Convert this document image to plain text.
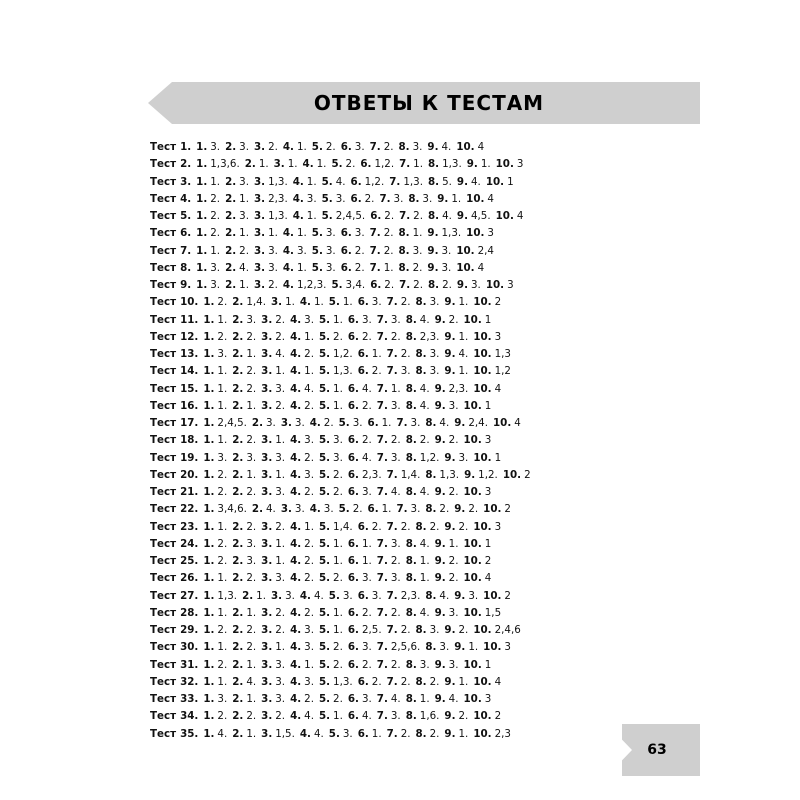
ОТВЕТЫ К ТЕСТАМ
Тест 1. 1. 3. 2. 3. 3. 2. 4. 1. 5. 2. 6. 3. 7. 2. 8. 3. 9. 4. 10. 4
Тест 2. 1. 1,3,6. 2. 1. 3. 1. 4. 1. 5. 2. 6. 1,2. 7. 1. 8. 1,3. 9. 1. 10. 3
Тест 3. 1. 1. 2. 3. 3. 1,3. 4. 1. 5. 4. 6. 1,2. 7. 1,3. 8. 5. 9. 4. 10. 1
Тест 4. 1. 2. 2. 1. 3. 2,3. 4. 3. 5. 3. 6. 2. 7. 3. 8. 3. 9. 1. 10. 4
Тест 5. 1. 2. 2. 3. 3. 1,3. 4. 1. 5. 2,4,5. 6. 2. 7. 2. 8. 4. 9. 4,5. 10. 4
Тест 6. 1. 2. 2. 1. 3. 1. 4. 1. 5. 3. 6. 3. 7. 2. 8. 1. 9. 1,3. 10. 3
Тест 7. 1. 1. 2. 2. 3. 3. 4. 3. 5. 3. 6. 2. 7. 2. 8. 3. 9. 3. 10. 2,4
Тест 8. 1. 3. 2. 4. 3. 3. 4. 1. 5. 3. 6. 2. 7. 1. 8. 2. 9. 3. 10. 4
Тест 9. 1. 3. 2. 1. 3. 2. 4. 1,2,3. 5. 3,4. 6. 2. 7. 2. 8. 2. 9. 3. 10. 3
Тест 10. 1. 2. 2. 1,4. 3. 1. 4. 1. 5. 1. 6. 3. 7. 2. 8. 3. 9. 1. 10. 2
Тест 11. 1. 1. 2. 3. 3. 2. 4. 3. 5. 1. 6. 3. 7. 3. 8. 4. 9. 2. 10. 1
Тест 12. 1. 2. 2. 2. 3. 2. 4. 1. 5. 2. 6. 2. 7. 2. 8. 2,3. 9. 1. 10. 3
Тест 13. 1. 3. 2. 1. 3. 4. 4. 2. 5. 1,2. 6. 1. 7. 2. 8. 3. 9. 4. 10. 1,3
Тест 14. 1. 1. 2. 2. 3. 1. 4. 1. 5. 1,3. 6. 2. 7. 3. 8. 3. 9. 1. 10. 1,2
Тест 15. 1. 1. 2. 2. 3. 3. 4. 4. 5. 1. 6. 4. 7. 1. 8. 4. 9. 2,3. 10. 4
Тест 16. 1. 1. 2. 1. 3. 2. 4. 2. 5. 1. 6. 2. 7. 3. 8. 4. 9. 3. 10. 1
Тест 17. 1. 2,4,5. 2. 3. 3. 3. 4. 2. 5. 3. 6. 1. 7. 3. 8. 4. 9. 2,4. 10. 4
Тест 18. 1. 1. 2. 2. 3. 1. 4. 3. 5. 3. 6. 2. 7. 2. 8. 2. 9. 2. 10. 3
Тест 19. 1. 3. 2. 3. 3. 3. 4. 2. 5. 3. 6. 4. 7. 3. 8. 1,2. 9. 3. 10. 1
Тест 20. 1. 2. 2. 1. 3. 1. 4. 3. 5. 2. 6. 2,3. 7. 1,4. 8. 1,3. 9. 1,2. 10. 2
Тест 21. 1. 2. 2. 2. 3. 3. 4. 2. 5. 2. 6. 3. 7. 4. 8. 4. 9. 2. 10. 3
Тест 22. 1. 3,4,6. 2. 4. 3. 3. 4. 3. 5. 2. 6. 1. 7. 3. 8. 2. 9. 2. 10. 2
Тест 23. 1. 1. 2. 2. 3. 2. 4. 1. 5. 1,4. 6. 2. 7. 2. 8. 2. 9. 2. 10. 3
Тест 24. 1. 2. 2. 3. 3. 1. 4. 2. 5. 1. 6. 1. 7. 3. 8. 4. 9. 1. 10. 1
Тест 25. 1. 2. 2. 3. 3. 1. 4. 2. 5. 1. 6. 1. 7. 2. 8. 1. 9. 2. 10. 2
Тест 26. 1. 1. 2. 2. 3. 3. 4. 2. 5. 2. 6. 3. 7. 3. 8. 1. 9. 2. 10. 4
Тест 27. 1. 1,3. 2. 1. 3. 3. 4. 4. 5. 3. 6. 3. 7. 2,3. 8. 4. 9. 3. 10. 2
Тест 28. 1. 1. 2. 1. 3. 2. 4. 2. 5. 1. 6. 2. 7. 2. 8. 4. 9. 3. 10. 1,5
Тест 29. 1. 2. 2. 2. 3. 2. 4. 3. 5. 1. 6. 2,5. 7. 2. 8. 3. 9. 2. 10. 2,4,6
Тест 30. 1. 1. 2. 2. 3. 1. 4. 3. 5. 2. 6. 3. 7. 2,5,6. 8. 3. 9. 1. 10. 3
Тест 31. 1. 2. 2. 1. 3. 3. 4. 1. 5. 2. 6. 2. 7. 2. 8. 3. 9. 3. 10. 1
Тест 32. 1. 1. 2. 4. 3. 3. 4. 3. 5. 1,3. 6. 2. 7. 2. 8. 2. 9. 1. 10. 4
Тест 33. 1. 3. 2. 1. 3. 3. 4. 2. 5. 2. 6. 3. 7. 4. 8. 1. 9. 4. 10. 3
Тест 34. 1. 2. 2. 2. 3. 2. 4. 4. 5. 1. 6. 4. 7. 3. 8. 1,6. 9. 2. 10. 2
Тест 35. 1. 4. 2. 1. 3. 1,5. 4. 4. 5. 3. 6. 1. 7. 2. 8. 2. 9. 1. 10. 2,3
63
